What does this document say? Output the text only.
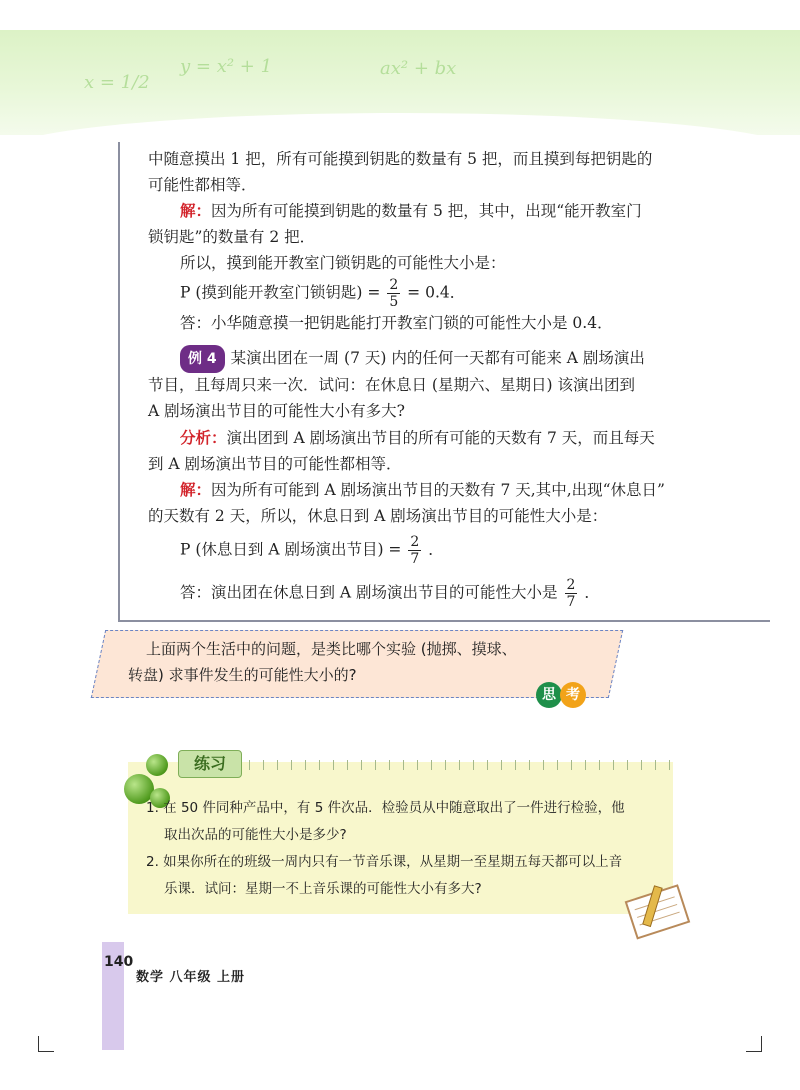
x = 1/2
y = x² + 1	ax² + bx
中随意摸出 1 把，所有可能摸到钥匙的数量有 5 把，而且摸到每把钥匙的
可能性都相等．
解：因为所有可能摸到钥匙的数量有 5 把，其中，出现“能开教室门
锁钥匙”的数量有 2 把．
所以，摸到能开教室门锁钥匙的可能性大小是：
P (摸到能开教室门锁钥匙) = $\frac{2}{5} = 0.4$．
答：小华随意摸一把钥匙能打开教室门锁的可能性大小是 0.4．
例 4 某演出团在一周 (7 天) 内的任何一天都有可能来 A 剧场演出
节目，且每周只来一次．试问：在休息日 (星期六、星期日) 该演出团到
A 剧场演出节目的可能性大小有多大?
分析：演出团到 A 剧场演出节目的所有可能的天数有 7 天，而且每天
到 A 剧场演出节目的可能性都相等．
解：因为所有可能到 A 剧场演出节目的天数有 7 天,其中,出现“休息日”
的天数有 2 天，所以，休息日到 A 剧场演出节目的可能性大小是：
P (休息日到 A 剧场演出节目) = $\frac{2}{7}$ ．
答：演出团在休息日到 A 剧场演出节目的可能性大小是 $\frac{2}{7}$ ．
上面两个生活中的问题，是类比哪个实验 (抛掷、摸球、
转盘) 求事件发生的可能性大小的?
思 考
练习
1. 在 50 件同种产品中，有 5 件次品．检验员从中随意取出了一件进行检验，他
取出次品的可能性大小是多少?
2. 如果你所在的班级一周内只有一节音乐课，从星期一至星期五每天都可以上音
乐课．试问：星期一不上音乐课的可能性大小有多大?
140
数学 八年级 上册
